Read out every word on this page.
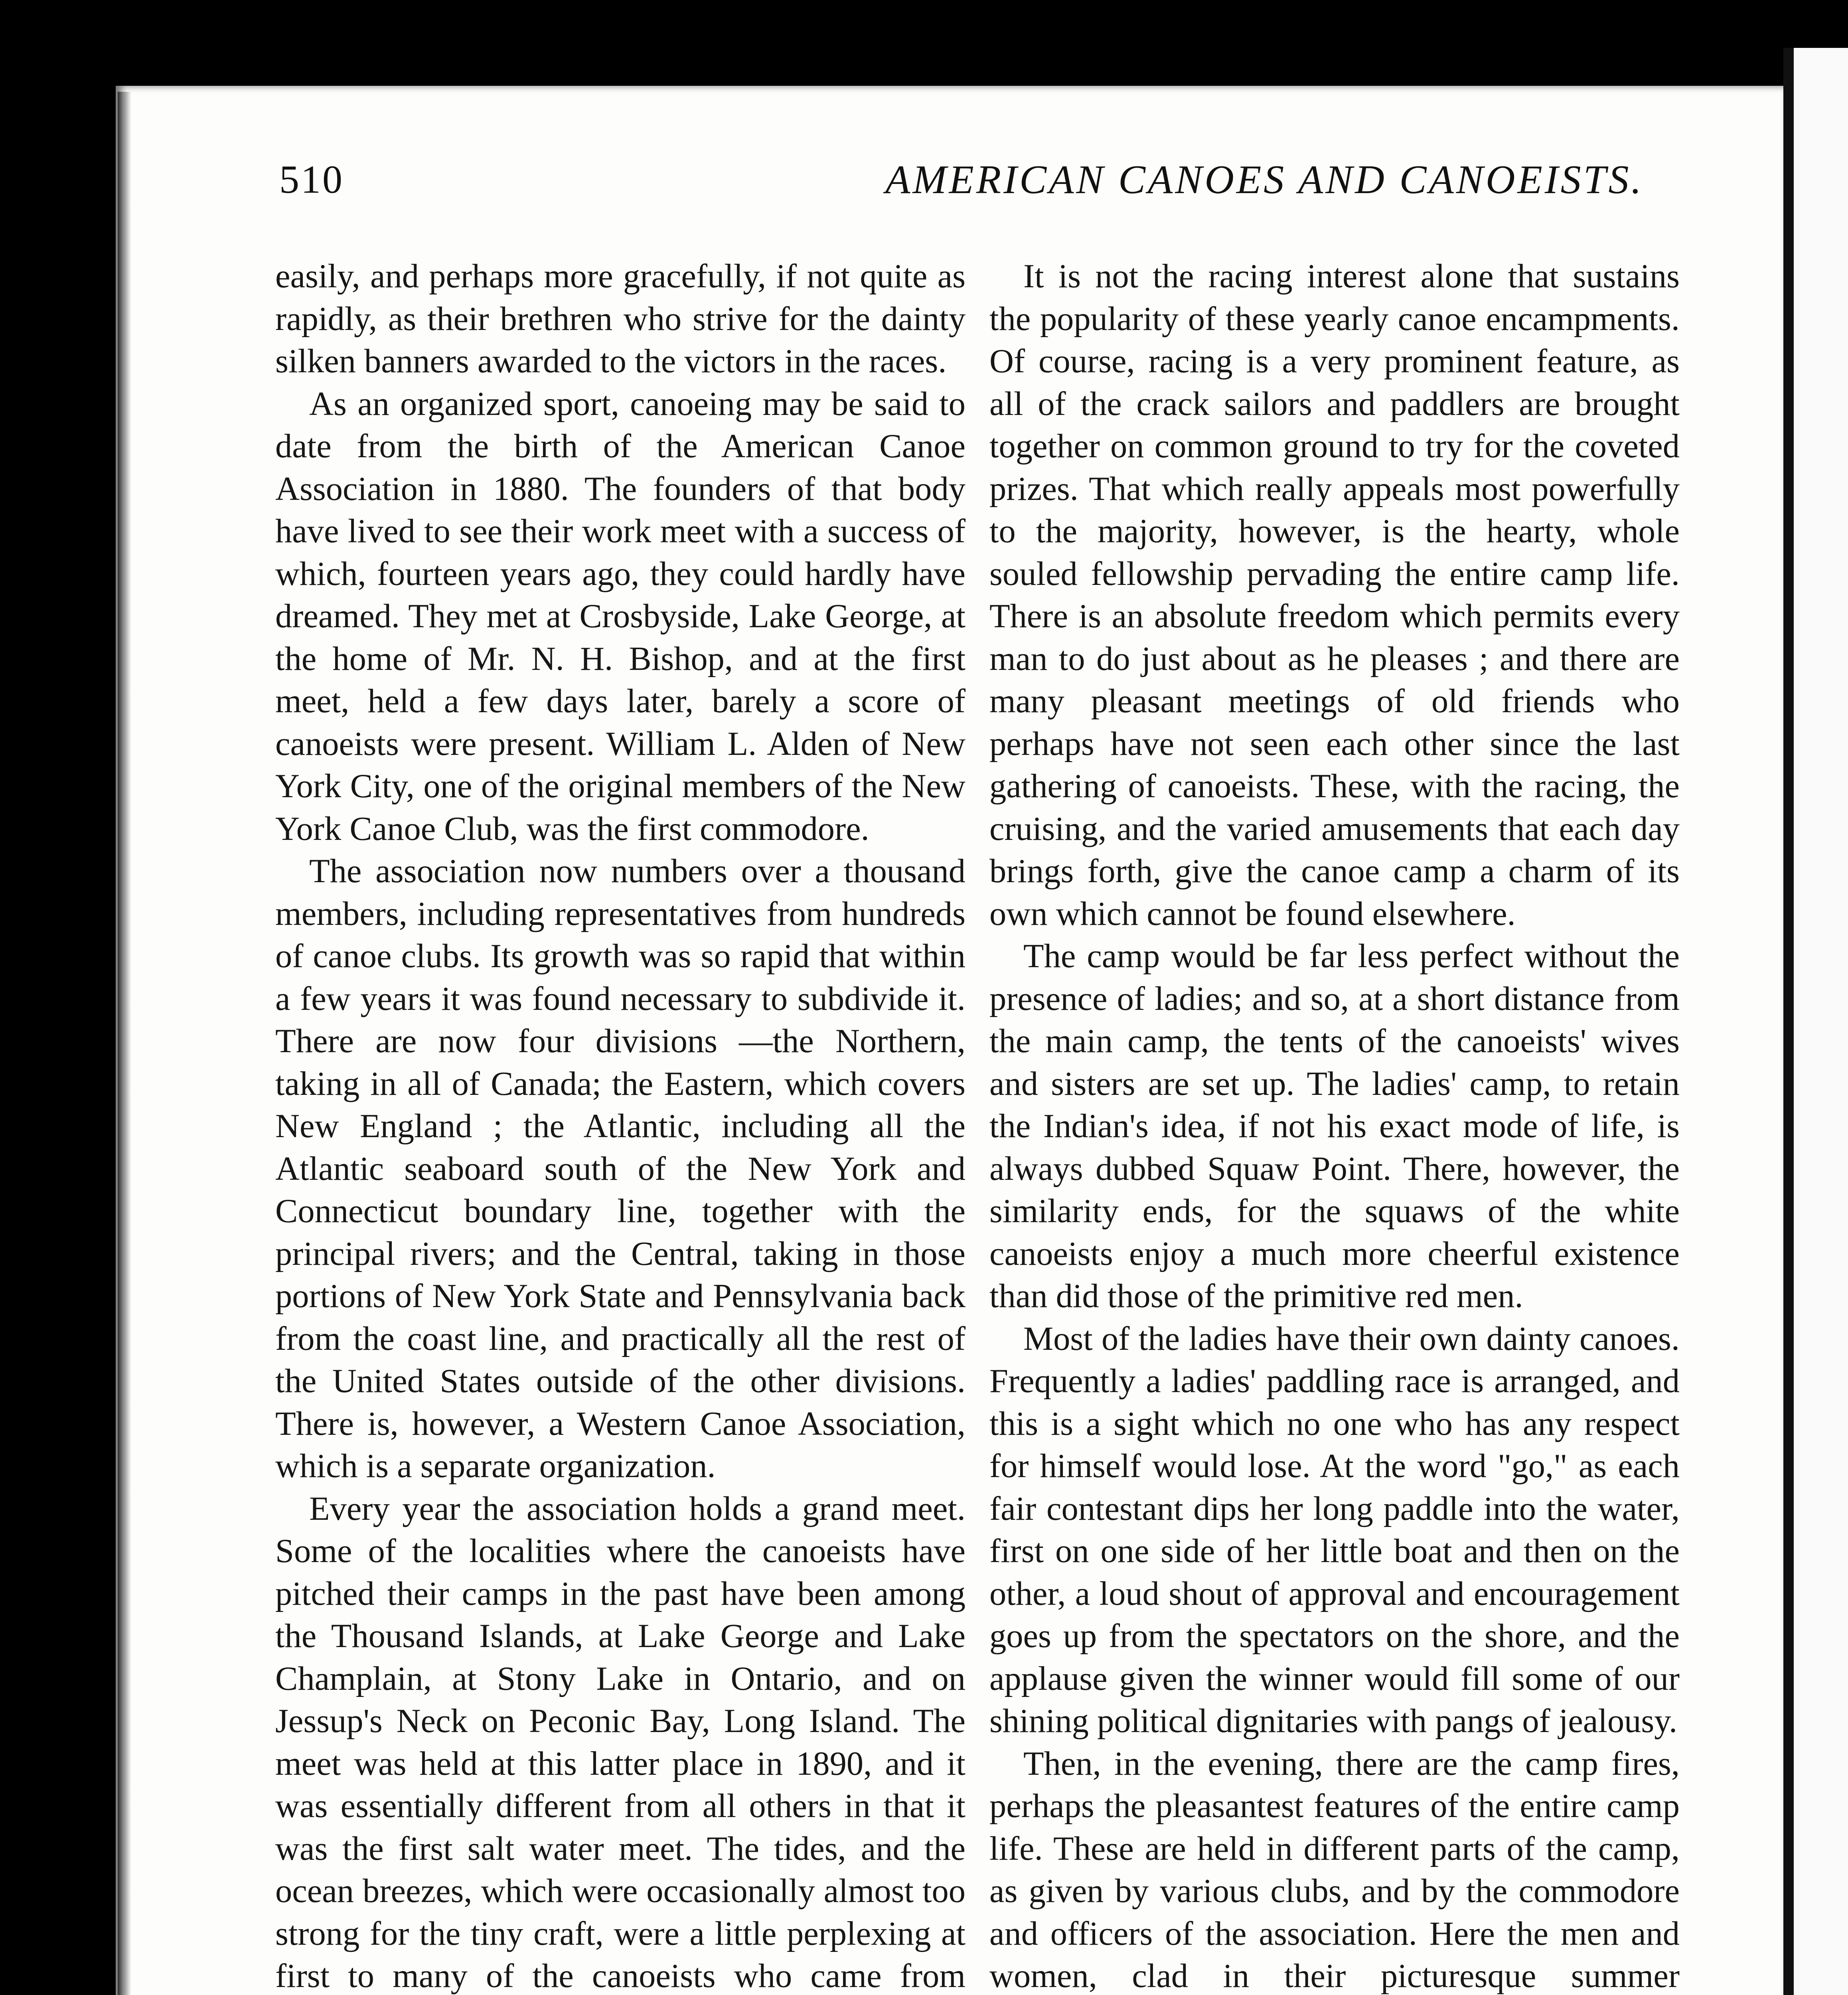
510	AMERICAN CANOES AND CANOEISTS.

easily, and perhaps more gracefully, if not quite as rapidly, as their brethren who strive for the dainty silken banners awarded to the victors in the races.

As an organized sport, canoeing may be said to date from the birth of the American Canoe Association in 1880. The founders of that body have lived to see their work meet with a success of which, fourteen years ago, they could hardly have dreamed. They met at Crosbyside, Lake George, at the home of Mr. N. H. Bishop, and at the first meet, held a few days later, barely a score of canoeists were present. William L. Alden of New York City, one of the original members of the New York Canoe Club, was the first commodore.

The association now numbers over a thousand members, including representatives from hundreds of canoe clubs. Its growth was so rapid that within a few years it was found necessary to subdivide it. There are now four divisions —the Northern, taking in all of Canada; the Eastern, which covers New England ; the Atlantic, including all the Atlantic seaboard south of the New York and Connecticut boundary line, together with the principal rivers; and the Central, taking in those portions of New York State and Pennsylvania back from the coast line, and practically all the rest of the United States outside of the other divisions. There is, however, a Western Canoe Association, which is a separate organization.

Every year the association holds a grand meet. Some of the localities where the canoeists have pitched their camps in the past have been among the Thousand Islands, at Lake George and Lake Champlain, at Stony Lake in Ontario, and on Jessup's Neck on Peconic Bay, Long Island. The meet was held at this latter place in 1890, and it was essentially different from all others in that it was the first salt water meet. The tides, and the ocean breezes, which were occasionally almost too strong for the tiny craft, were a little perplexing at first to many of the canoeists who came from

It is not the racing interest alone that sustains the popularity of these yearly canoe encampments. Of course, racing is a very prominent feature, as all of the crack sailors and paddlers are brought together on common ground to try for the coveted prizes. That which really appeals most powerfully to the majority, however, is the hearty, whole souled fellowship pervading the entire camp life. There is an absolute freedom which permits every man to do just about as he pleases ; and there are many pleasant meetings of old friends who perhaps have not seen each other since the last gathering of canoeists. These, with the racing, the cruising, and the varied amusements that each day brings forth, give the canoe camp a charm of its own which cannot be found elsewhere.

The camp would be far less perfect without the presence of ladies; and so, at a short distance from the main camp, the tents of the canoeists' wives and sisters are set up. The ladies' camp, to retain the Indian's idea, if not his exact mode of life, is always dubbed Squaw Point. There, however, the similarity ends, for the squaws of the white canoeists enjoy a much more cheerful existence than did those of the primitive red men.

Most of the ladies have their own dainty canoes. Frequently a ladies' paddling race is arranged, and this is a sight which no one who has any respect for himself would lose. At the word "go," as each fair contestant dips her long paddle into the water, first on one side of her little boat and then on the other, a loud shout of approval and encouragement goes up from the spectators on the shore, and the applause given the winner would fill some of our shining political dignitaries with pangs of jealousy.

Then, in the evening, there are the camp fires, perhaps the pleasantest features of the entire camp life. These are held in different parts of the camp, as given by various clubs, and by the commodore and officers of the association. Here the men and women, clad in their picturesque summer
